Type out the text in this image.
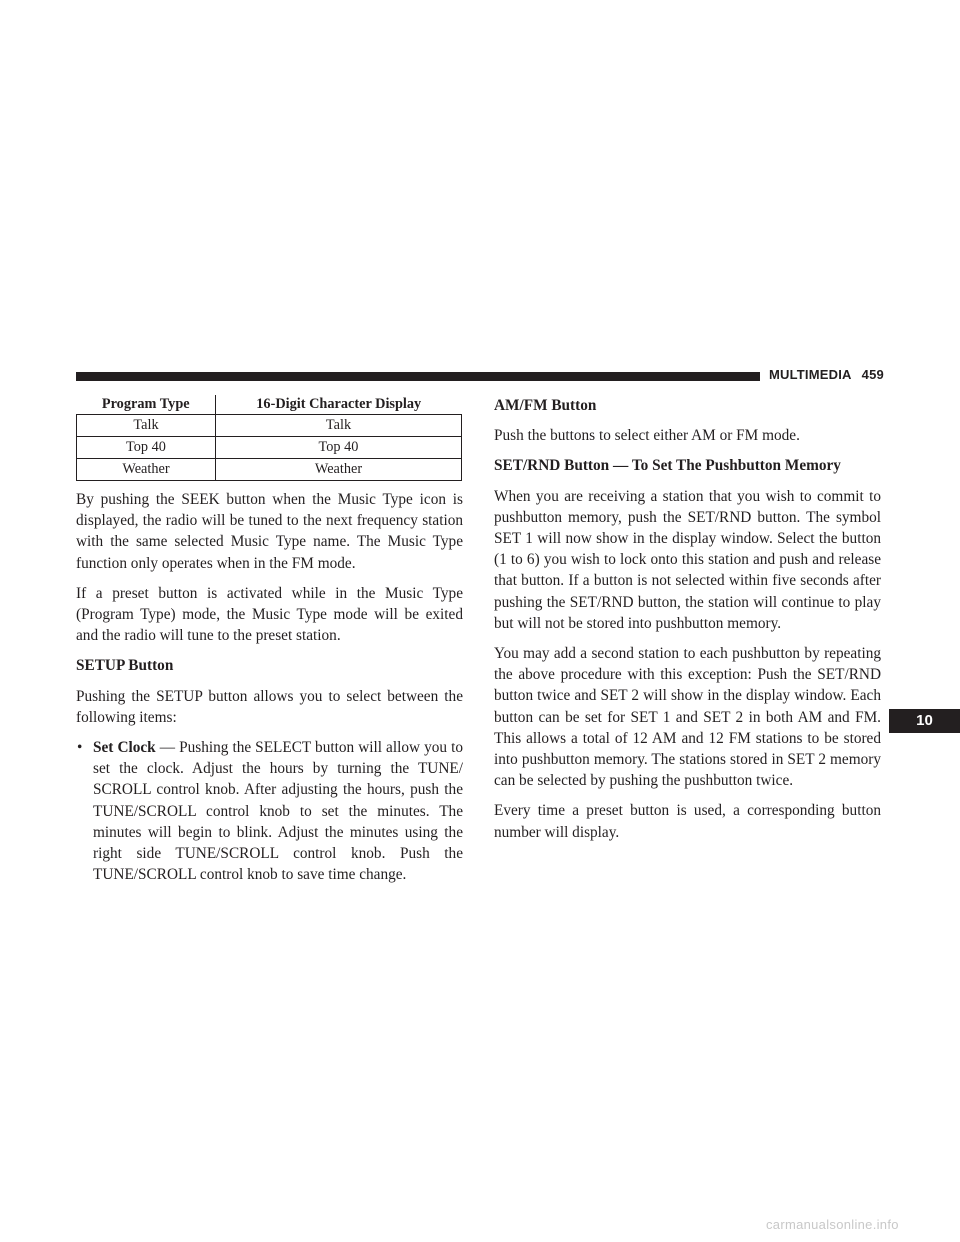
MULTIMEDIA 459
Program Type	16-Digit Character Display
Talk	Talk
Top 40	Top 40
Weather	Weather

By pushing the SEEK button when the Music Type icon is displayed, the radio will be tuned to the next frequency station with the same selected Music Type name. The Music Type function only operates when in the FM mode.

If a preset button is activated while in the Music Type (Program Type) mode, the Music Type mode will be exited and the radio will tune to the preset station.

SETUP Button

Pushing the SETUP button allows you to select between the following items:

• Set Clock — Pushing the SELECT button will allow you to set the clock. Adjust the hours by turning the TUNE/ SCROLL control knob. After adjusting the hours, push the TUNE/SCROLL control knob to set the minutes. The minutes will begin to blink. Adjust the minutes using the right side TUNE/SCROLL control knob. Push the TUNE/SCROLL control knob to save time change.
AM/FM Button

Push the buttons to select either AM or FM mode.

SET/RND Button — To Set The Pushbutton Memory

When you are receiving a station that you wish to commit to pushbutton memory, push the SET/RND button. The symbol SET 1 will now show in the display window. Select the button (1 to 6) you wish to lock onto this station and push and release that button. If a button is not selected within five seconds after pushing the SET/RND button, the station will continue to play but will not be stored into pushbutton memory.

You may add a second station to each pushbutton by repeating the above procedure with this exception: Push the SET/RND button twice and SET 2 will show in the display window. Each button can be set for SET 1 and SET 2 in both AM and FM. This allows a total of 12 AM and 12 FM stations to be stored into pushbutton memory. The stations stored in SET 2 memory can be selected by pushing the pushbutton twice.

Every time a preset button is used, a corresponding button number will display.

10
carmanualsonline.info
